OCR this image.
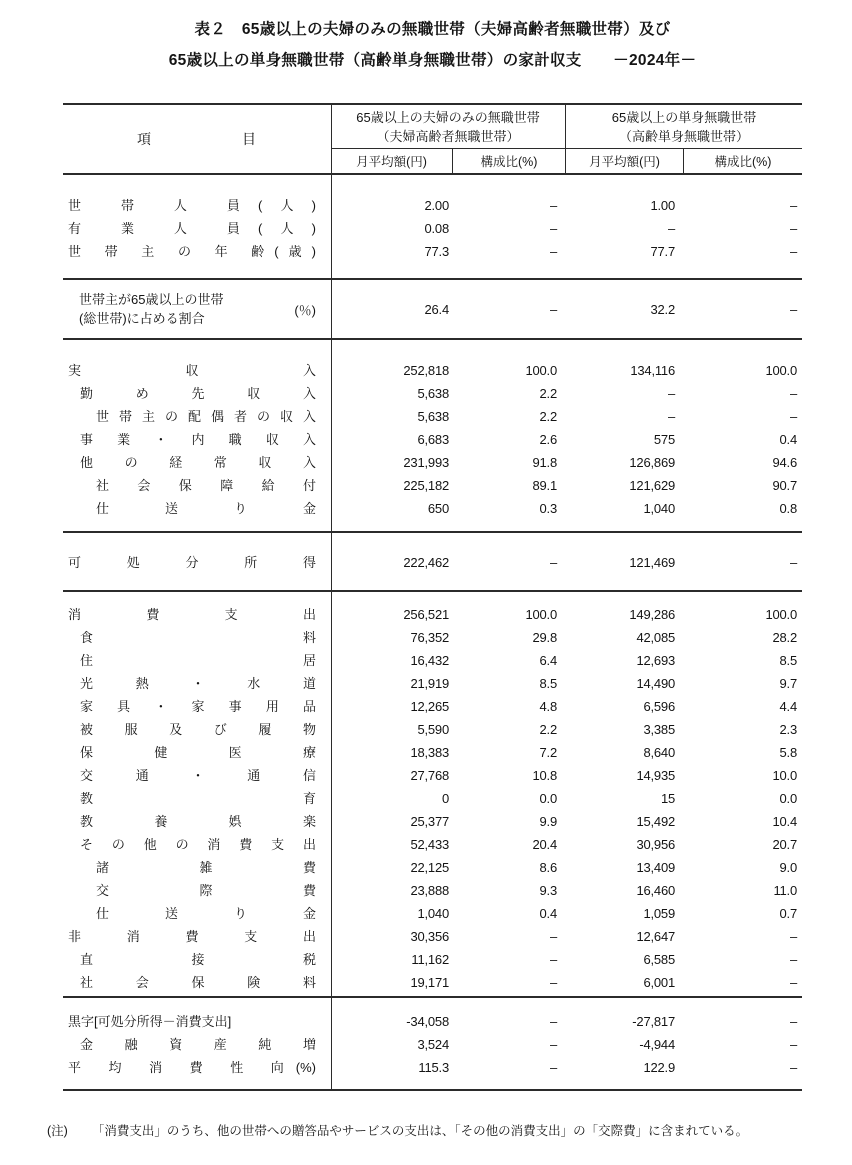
表２　65歳以上の夫婦のみの無職世帯（夫婦高齢者無職世帯）及び
65歳以上の単身無職世帯（高齢単身無職世帯）の家計収支　　－2024年－
項　　　　　　目
65歳以上の夫婦のみの無職世帯
（夫婦高齢者無職世帯）
65歳以上の単身無職世帯
（高齢単身無職世帯）
月平均額(円)	構成比(%)	月平均額(円)	構成比(%)
世 帯 人 員(人)	2.00	–	1.00	–
有 業 人 員(人)	0.08	–	–	–
世 帯 主 の 年 齢(歳)	77.3	–	77.7	–
世帯主が65歳以上の世帯
(総世帯)に占める割合
(％)	26.4	–	32.2	–
実 収 入	252,818	100.0	134,116	100.0
勤 め 先 収 入	5,638	2.2	–	–
世 帯 主 の 配 偶 者 の 収 入	5,638	2.2	–	–
事 業 ・ 内 職 収 入	6,683	2.6	575	0.4
他 の 経 常 収 入	231,993	91.8	126,869	94.6
社 会 保 障 給 付	225,182	89.1	121,629	90.7
仕 送 り 金	650	0.3	1,040	0.8
可 処 分 所 得	222,462	–	121,469	–
消 費 支 出	256,521	100.0	149,286	100.0
食 料	76,352	29.8	42,085	28.2
住 居	16,432	6.4	12,693	8.5
光 熱 ・ 水 道	21,919	8.5	14,490	9.7
家 具 ・ 家 事 用 品	12,265	4.8	6,596	4.4
被 服 及 び 履 物	5,590	2.2	3,385	2.3
保 健 医 療	18,383	7.2	8,640	5.8
交 通 ・ 通 信	27,768	10.8	14,935	10.0
教 育	0	0.0	15	0.0
教 養 娯 楽	25,377	9.9	15,492	10.4
そ の 他 の 消 費 支 出	52,433	20.4	30,956	20.7
諸 雑 費	22,125	8.6	13,409	9.0
交 際 費	23,888	9.3	16,460	11.0
仕 送 り 金	1,040	0.4	1,059	0.7
非 消 費 支 出	30,356	–	12,647	–
直 接 税	11,162	–	6,585	–
社 会 保 険 料	19,171	–	6,001	–
黒字[可処分所得－消費支出]	-34,058	–	-27,817	–
金 融 資 産 純 増	3,524	–	-4,944	–
平 均 消 費 性 向(%)	115.3	–	122.9	–
(注) 「消費支出」のうち、他の世帯への贈答品やサービスの支出は、「その他の消費支出」の「交際費」に含まれている。
